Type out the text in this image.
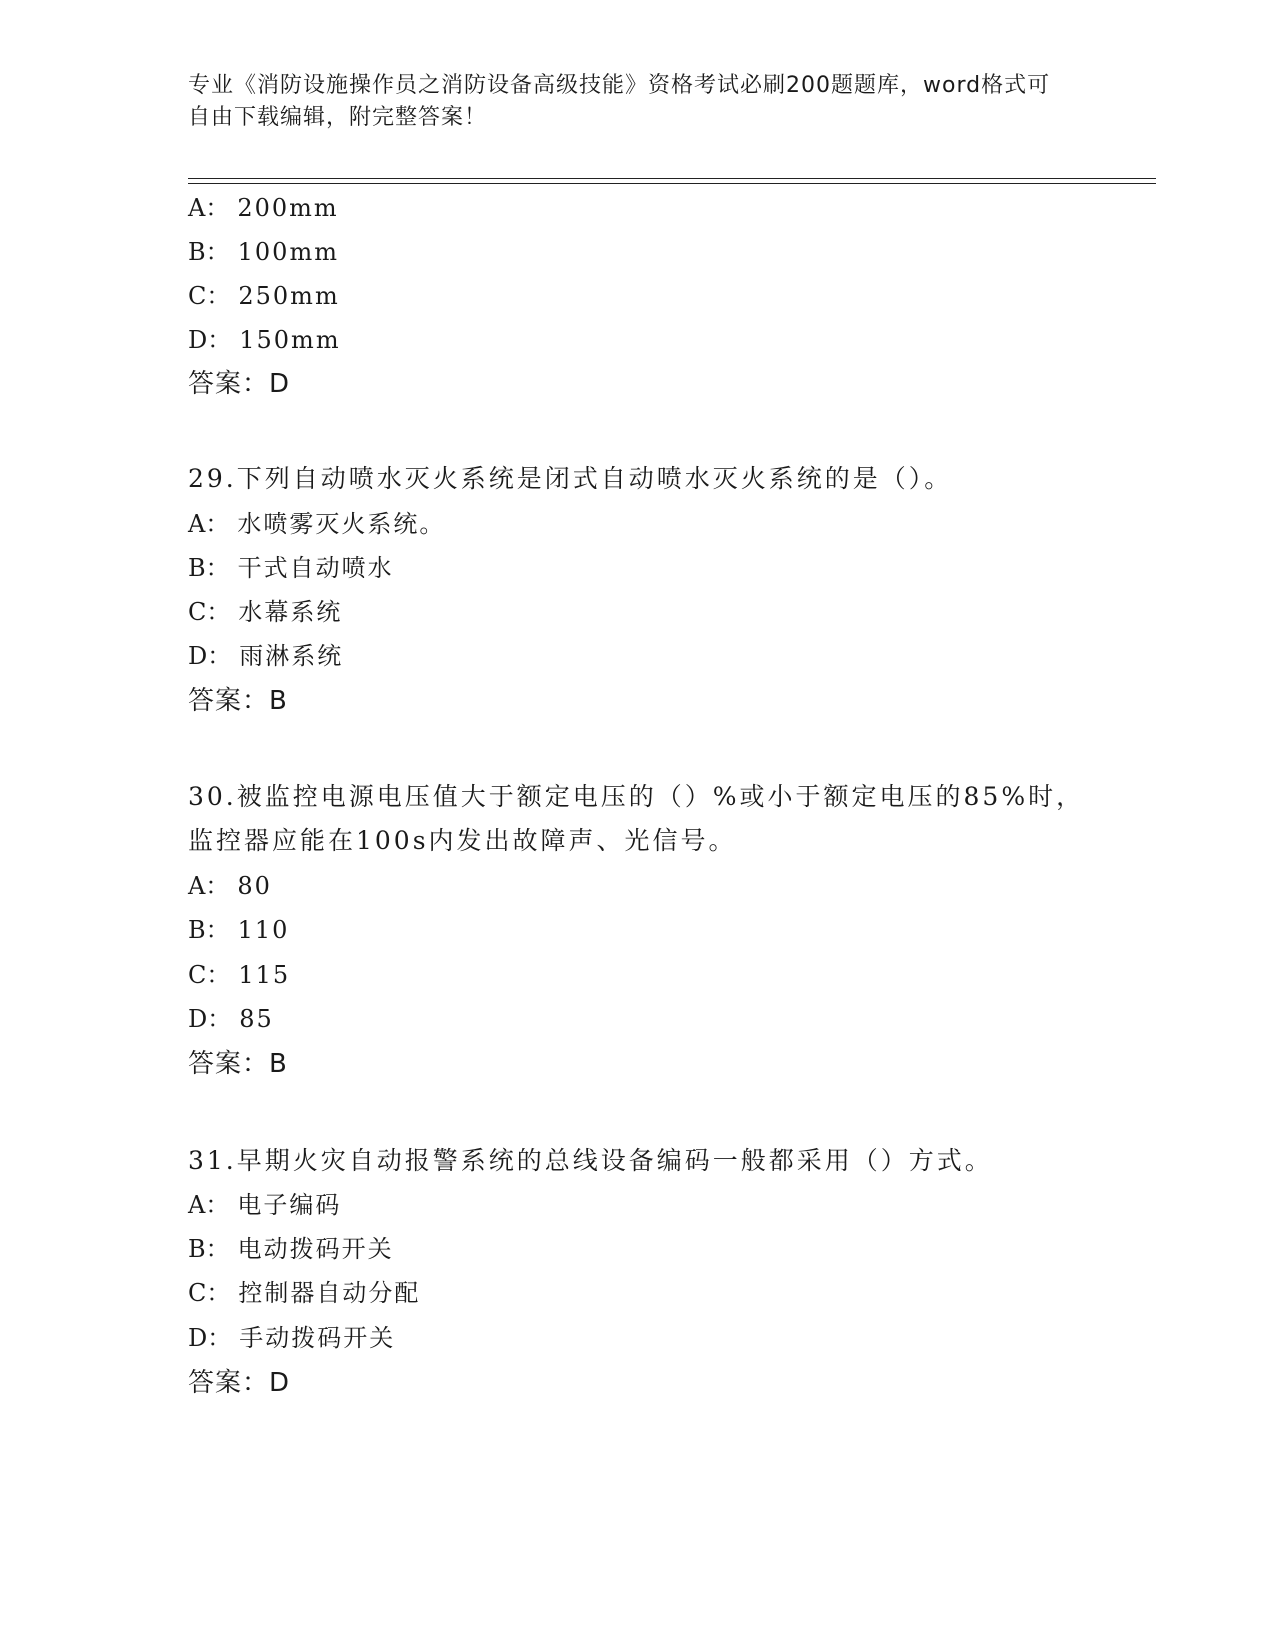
专业《消防设施操作员之消防设备高级技能》资格考试必刷200题题库，word格式可自由下载编辑，附完整答案！
A： 200mm
B： 100mm
C： 250mm
D： 150mm
答案：D
29.下列自动喷水灭火系统是闭式自动喷水灭火系统的是（）。
A： 水喷雾灭火系统。
B： 干式自动喷水
C： 水幕系统
D： 雨淋系统
答案：B
30.被监控电源电压值大于额定电压的（）%或小于额定电压的85%时，
监控器应能在100s内发出故障声、光信号。
A： 80
B： 110
C： 115
D： 85
答案：B
31.早期火灾自动报警系统的总线设备编码一般都采用（）方式。
A： 电子编码
B： 电动拨码开关
C： 控制器自动分配
D： 手动拨码开关
答案：D
